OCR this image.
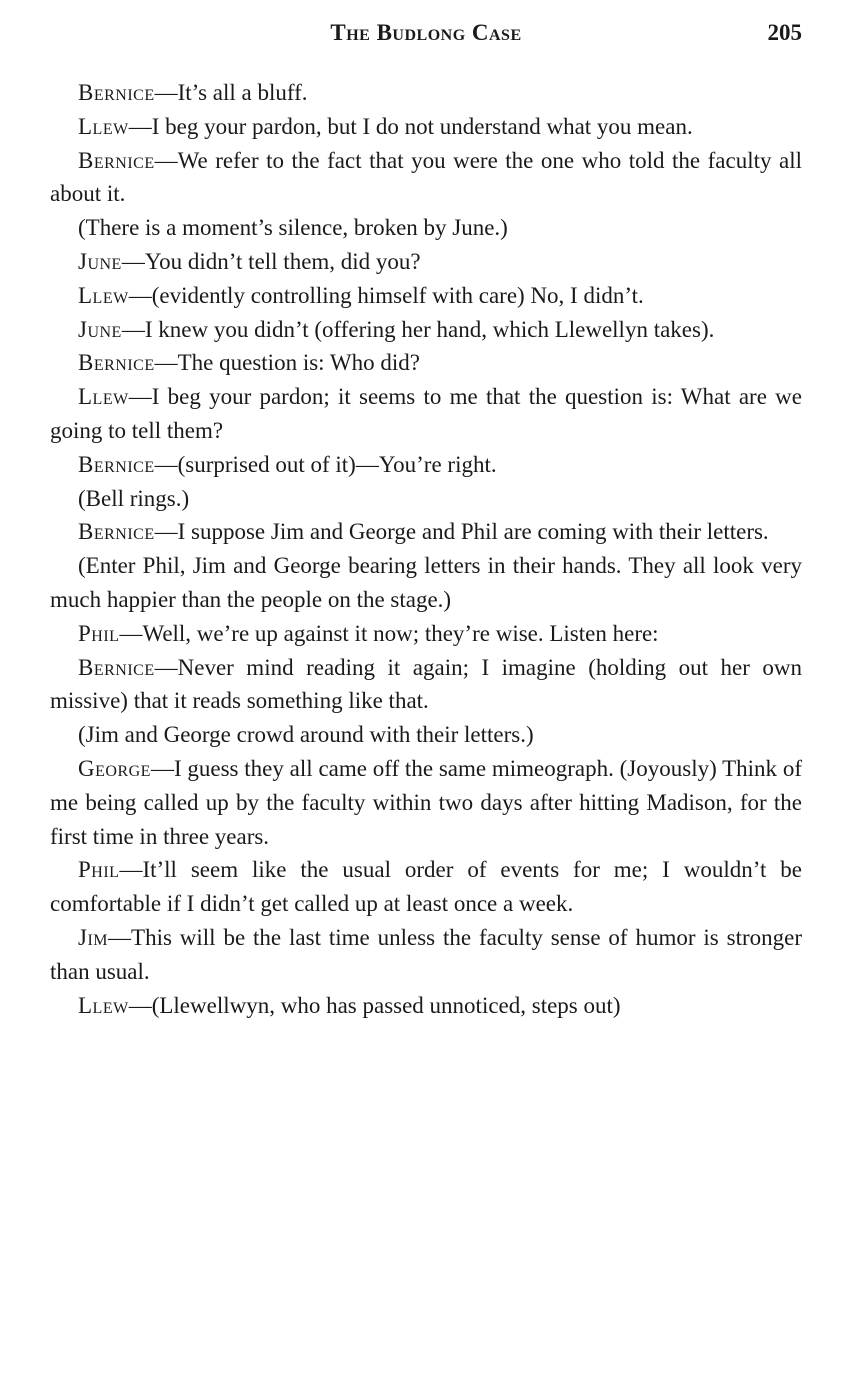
The Budlong Case	205

Bernice—It’s all a bluff.

Llew—I beg your pardon, but I do not understand what you mean.

Bernice—We refer to the fact that you were the one who told the faculty all about it.

(There is a moment’s silence, broken by June.)

June—You didn’t tell them, did you?

Llew—(evidently controlling himself with care) No, I didn’t.

June—I knew you didn’t (offering her hand, which Llewellyn takes).

Bernice—The question is: Who did?

Llew—I beg your pardon; it seems to me that the question is: What are we going to tell them?

Bernice—(surprised out of it)—You’re right.

(Bell rings.)

Bernice—I suppose Jim and George and Phil are coming with their letters.

(Enter Phil, Jim and George bearing letters in their hands. They all look very much happier than the people on the stage.)

Phil—Well, we’re up against it now; they’re wise. Listen here:

Bernice—Never mind reading it again; I imagine (holding out her own missive) that it reads something like that.

(Jim and George crowd around with their letters.)

George—I guess they all came off the same mimeograph. (Joyously) Think of me being called up by the faculty within two days after hitting Madison, for the first time in three years.

Phil—It’ll seem like the usual order of events for me; I wouldn’t be comfortable if I didn’t get called up at least once a week.

Jim—This will be the last time unless the faculty sense of humor is stronger than usual.

Llew—(Llewellwyn, who has passed unnoticed, steps out)
